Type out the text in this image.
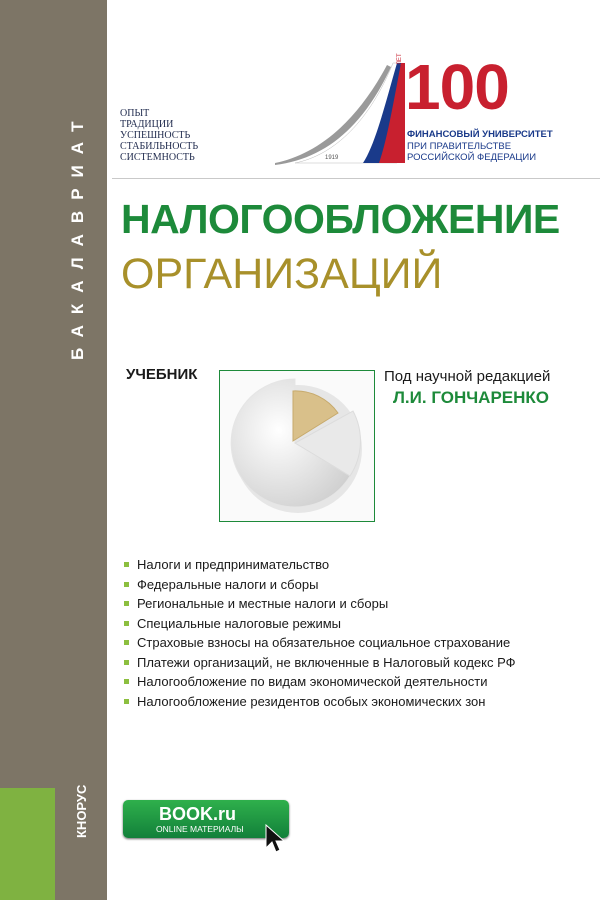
БАКАЛАВРИАТ
КНОРУС
ОПЫТ
ТРАДИЦИИ
УСПЕШНОСТЬ
СТАБИЛЬНОСТЬ
СИСТЕМНОСТЬ	1919
ЛЕТ 100
ФИНАНСОВЫЙ УНИВЕРСИТЕТ
ПРИ ПРАВИТЕЛЬСТВЕ
РОССИЙСКОЙ ФЕДЕРАЦИИ
НАЛОГООБЛОЖЕНИЕ
ОРГАНИЗАЦИЙ
УЧЕБНИК	Под научной редакцией
Л.И. ГОНЧАРЕНКО
Налоги и предпринимательство
Федеральные налоги и сборы
Региональные и местные налоги и сборы
Специальные налоговые режимы
Страховые взносы на обязательное социальное страхование
Платежи организаций, не включенные в Налоговый кодекс РФ
Налогообложение по видам экономической деятельности
Налогообложение резидентов особых экономических зон
BOOK.ru
ONLINE МАТЕРИАЛЫ
